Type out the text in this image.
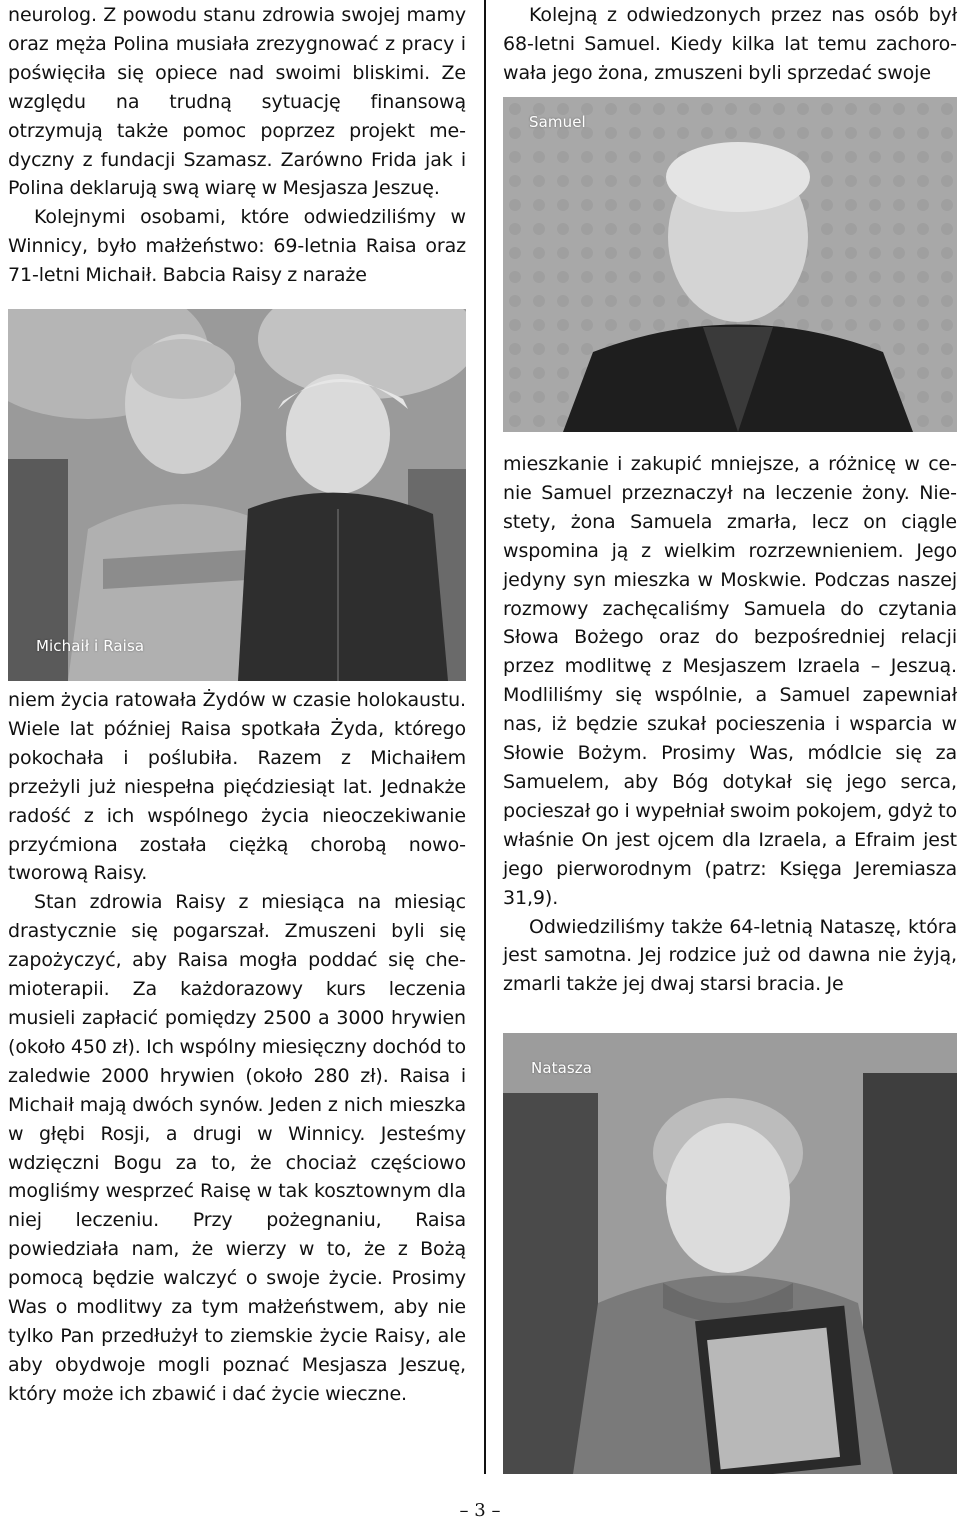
neurolog. Z powodu stanu zdrowia swojej mamy oraz męża Polina musiała zrezygnować z pracy i poświęciła się opiece nad swoimi bliskimi. Ze względu na trudną sytuację finansową otrzymują także pomoc poprzez projekt medyczny z fundacji Szamasz. Zarówno Frida jak i Polina deklarują swą wiarę w Mesjasza Jeszuę.

Kolejnymi osobami, które odwiedziliśmy w Winnicy, było małżeństwo: 69-letnia Raisa oraz 71-letni Michaił. Babcia Raisy z naraże

Michaił i Raisa

niem życia ratowała Żydów w czasie holokaustu. Wiele lat później Raisa spotkała Żyda, którego pokochała i poślubiła. Razem z Michaiłem przeżyli już niespełna pięćdziesiąt lat. Jednakże radość z ich wspólnego życia nieoczekiwanie przyćmiona została ciężką chorobą nowotworową Raisy.

Stan zdrowia Raisy z miesiąca na miesiąc drastycznie się pogarszał. Zmuszeni byli się zapożyczyć, aby Raisa mogła poddać się chemioterapii. Za każdorazowy kurs leczenia musieli zapłacić pomiędzy 2500 a 3000 hrywien (około 450 zł). Ich wspólny miesięczny dochód to zaledwie 2000 hrywien (około 280 zł). Raisa i Michaił mają dwóch synów. Jeden z nich mieszka w głębi Rosji, a drugi w Winnicy. Jesteśmy wdzięczni Bogu za to, że chociaż częściowo mogliśmy wesprzeć Raisę w tak kosztownym dla niej leczeniu. Przy pożegnaniu, Raisa powiedziała nam, że wierzy w to, że z Bożą pomocą będzie walczyć o swoje życie. Prosimy Was o modlitwy za tym małżeństwem, aby nie tylko Pan przedłużył to ziemskie życie Raisy, ale aby obydwoje mogli poznać Mesjasza Jeszuę, który może ich zbawić i dać życie wieczne.

Kolejną z odwiedzonych przez nas osób był 68-letni Samuel. Kiedy kilka lat temu zachorowała jego żona, zmuszeni byli sprzedać swoje

Samuel

mieszkanie i zakupić mniejsze, a różnicę w cenie Samuel przeznaczył na leczenie żony. Niestety, żona Samuela zmarła, lecz on ciągle wspomina ją z wielkim rozrzewnieniem. Jego jedyny syn mieszka w Moskwie. Podczas naszej rozmowy zachęcaliśmy Samuela do czytania Słowa Bożego oraz do bezpośredniej relacji przez modlitwę z Mesjaszem Izraela – Jeszuą. Modliliśmy się wspólnie, a Samuel zapewniał nas, iż będzie szukał pocieszenia i wsparcia w Słowie Bożym. Prosimy Was, módlcie się za Samuelem, aby Bóg dotykał się jego serca, pocieszał go i wypełniał swoim pokojem, gdyż to właśnie On jest ojcem dla Izraela, a Efraim jest jego pierworodnym (patrz: Księga Jeremiasza 31,9).

Odwiedziliśmy także 64-letnią Nataszę, która jest samotna. Jej rodzice już od dawna nie żyją, zmarli także jej dwaj starsi bracia. Je

Natasza
– 3 –
